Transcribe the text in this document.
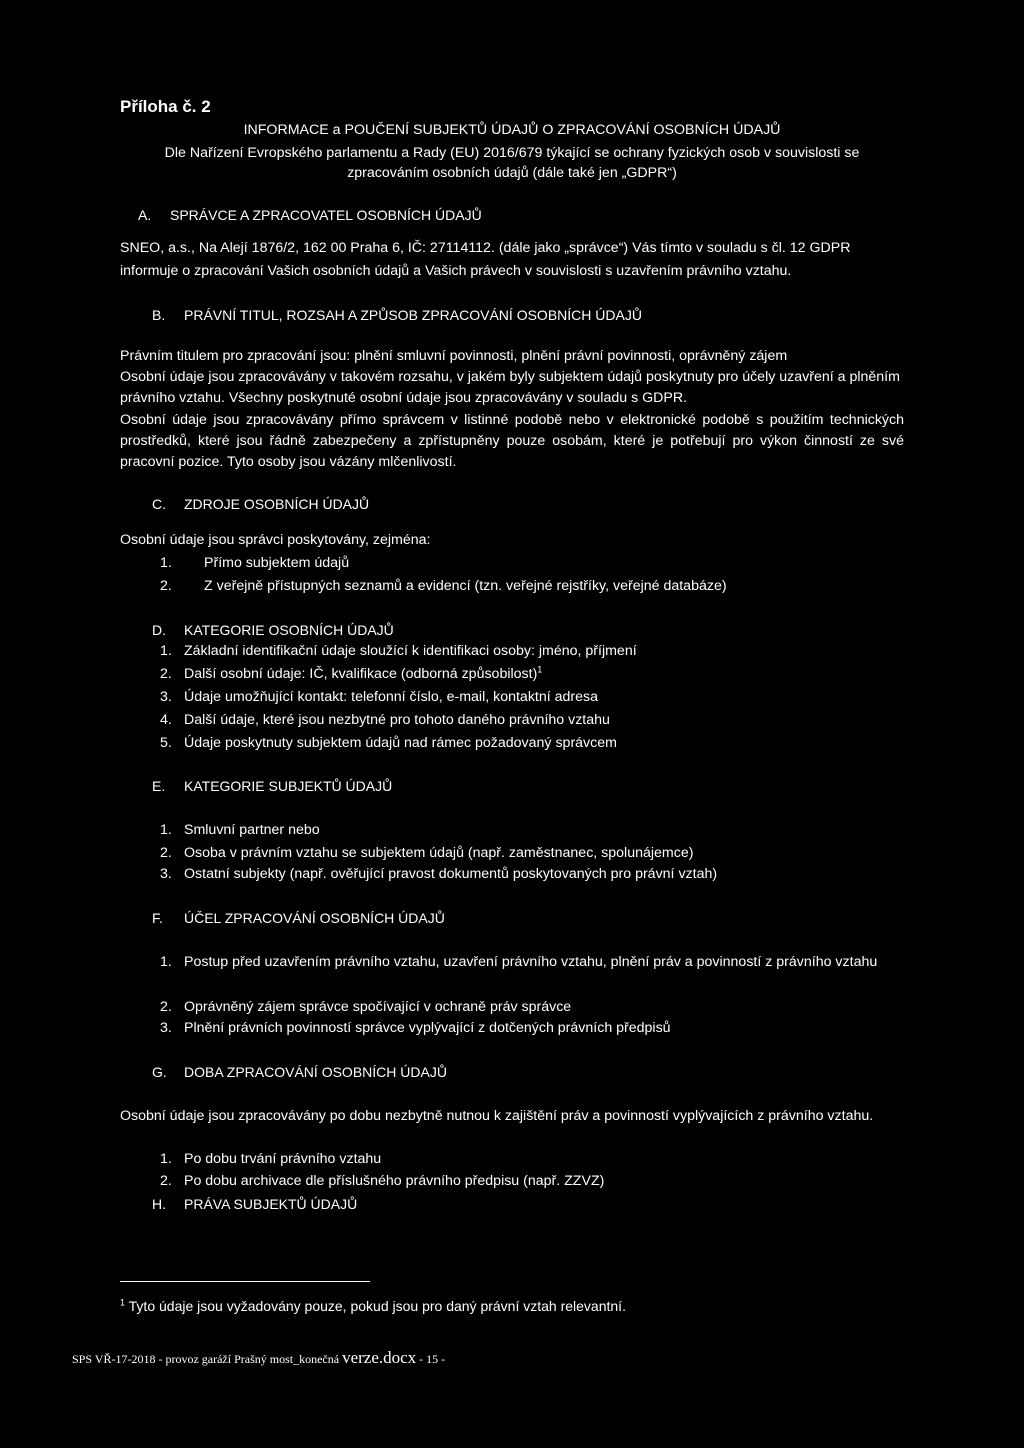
Příloha č. 2
INFORMACE a POUČENÍ SUBJEKTŮ ÚDAJŮ O ZPRACOVÁNÍ OSOBNÍCH ÚDAJŮ
Dle Nařízení Evropského parlamentu a Rady (EU) 2016/679 týkající se ochrany fyzických osob v souvislosti se
zpracováním osobních údajů (dále také jen „GDPR“)
A. SPRÁVCE A ZPRACOVATEL OSOBNÍCH ÚDAJŮ
SNEO, a.s., Na Alejí 1876/2, 162 00 Praha 6, IČ: 27114112. (dále jako „správce“) Vás tímto v souladu s čl. 12 GDPR
informuje o zpracování Vašich osobních údajů a Vašich právech v souvislosti s uzavřením právního vztahu.
B. PRÁVNÍ TITUL, ROZSAH A ZPŮSOB ZPRACOVÁNÍ OSOBNÍCH ÚDAJŮ
Právním titulem pro zpracování jsou: plnění smluvní povinnosti, plnění právní povinnosti, oprávněný zájem
Osobní údaje jsou zpracovávány v takovém rozsahu, v jakém byly subjektem údajů poskytnuty pro účely uzavření a plněním právního vztahu. Všechny poskytnuté osobní údaje jsou zpracovávány v souladu s GDPR.
Osobní údaje jsou zpracovávány přímo správcem v listinné podobě nebo v elektronické podobě s použitím technických prostředků, které jsou řádně zabezpečeny a zpřístupněny pouze osobám, které je potřebují pro výkon činností ze své pracovní pozice. Tyto osoby jsou vázány mlčenlivostí.
C. ZDROJE OSOBNÍCH ÚDAJŮ
Osobní údaje jsou správci poskytovány, zejména:
1. Přímo subjektem údajů
2. Z veřejně přístupných seznamů a evidencí (tzn. veřejné rejstříky, veřejné databáze)
D. KATEGORIE OSOBNÍCH ÚDAJŮ
1. Základní identifikační údaje sloužící k identifikaci osoby: jméno, příjmení
2. Další osobní údaje: IČ, kvalifikace (odborná způsobilost)$^1$
3. Údaje umožňující kontakt: telefonní číslo, e-mail, kontaktní adresa
4. Další údaje, které jsou nezbytné pro tohoto daného právního vztahu
5. Údaje poskytnuty subjektem údajů nad rámec požadovaný správcem
E. KATEGORIE SUBJEKTŮ ÚDAJŮ
1. Smluvní partner nebo
2. Osoba v právním vztahu se subjektem údajů (např. zaměstnanec, spolunájemce)
3. Ostatní subjekty (např. ověřující pravost dokumentů poskytovaných pro právní vztah)
F. ÚČEL ZPRACOVÁNÍ OSOBNÍCH ÚDAJŮ
1. Postup před uzavřením právního vztahu, uzavření právního vztahu, plnění práv a povinností z právního vztahu
2. Oprávněný zájem správce spočívající v ochraně práv správce
3. Plnění právních povinností správce vyplývající z dotčených právních předpisů
G. DOBA ZPRACOVÁNÍ OSOBNÍCH ÚDAJŮ
Osobní údaje jsou zpracovávány po dobu nezbytně nutnou k zajištění práv a povinností vyplývajících z právního vztahu.
1. Po dobu trvání právního vztahu
2. Po dobu archivace dle příslušného právního předpisu (např. ZZVZ)
H. PRÁVA SUBJEKTŮ ÚDAJŮ
$^1$ Tyto údaje jsou vyžadovány pouze, pokud jsou pro daný právní vztah relevantní.
SPS VŘ-17-2018 - provoz garáží Prašný most_konečná verze.docx - 15 -
